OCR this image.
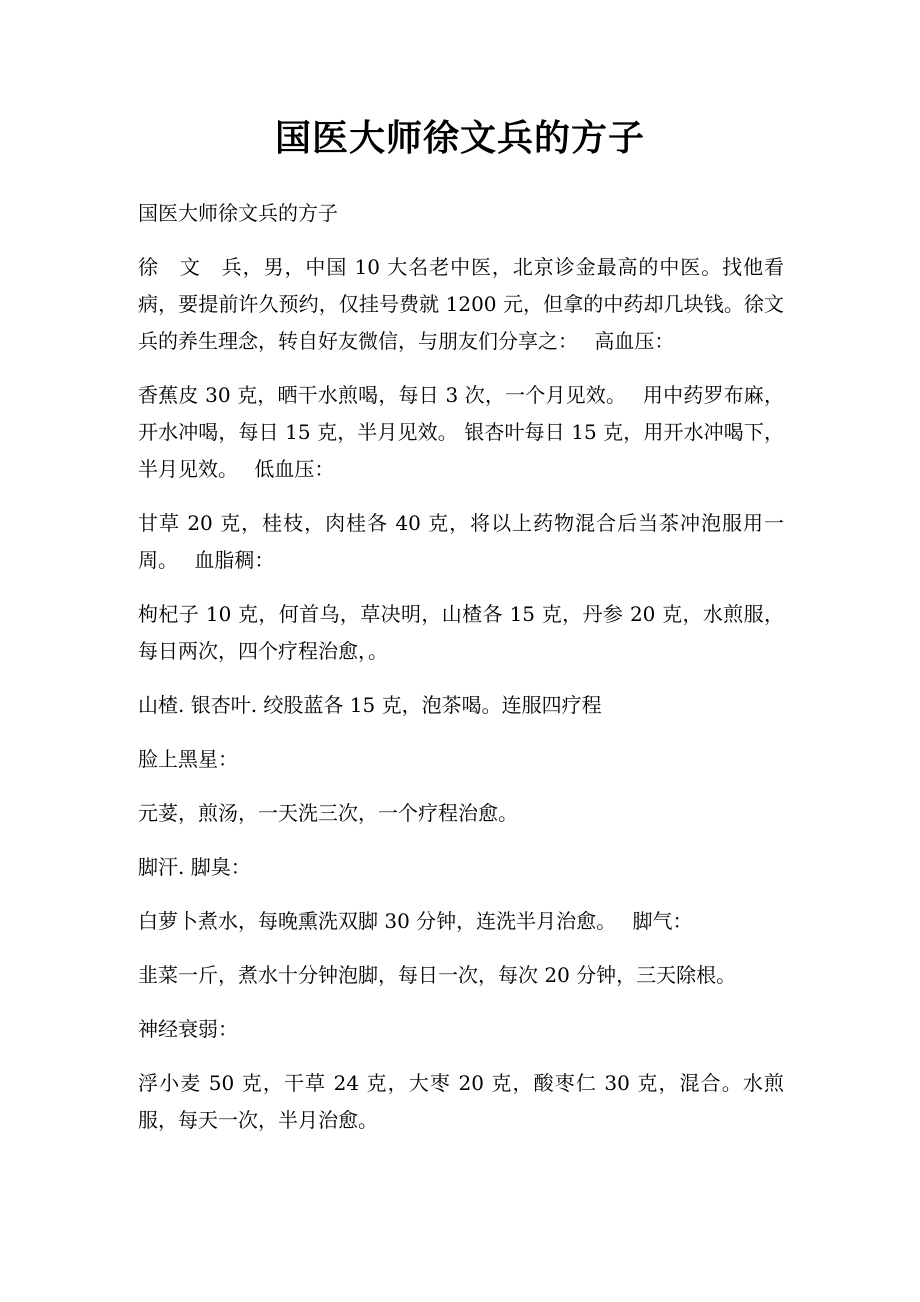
国医大师徐文兵的方子

国医大师徐文兵的方子

徐　文　兵，男，中国 10 大名老中医，北京诊金最高的中医。找他看病，要提前许久预约，仅挂号费就 1200 元，但拿的中药却几块钱。徐文兵的养生理念，转自好友微信，与朋友们分享之：　 高血压：

香蕉皮 30 克，晒干水煎喝，每日 3 次，一个月见效。　 用中药罗布麻，开水冲喝，每日 15 克，半月见效。 银杏叶每日 15 克，用开水冲喝下，半月见效。　 低血压：

甘草 20 克，桂枝，肉桂各 40 克，将以上药物混合后当茶冲泡服用一周。　 血脂稠：

枸杞子 10 克，何首乌，草决明，山楂各 15 克，丹参 20 克，水煎服，每日两次，四个疗程治愈，。

山楂. 银杏叶. 绞股蓝各 15 克，泡茶喝。连服四疗程

脸上黑星：

元荽，煎汤，一天洗三次，一个疗程治愈。

脚汗. 脚臭：

白萝卜煮水，每晚熏洗双脚 30 分钟，连洗半月治愈。　 脚气：

韭菜一斤，煮水十分钟泡脚，每日一次，每次 20 分钟，三天除根。

神经衰弱：

浮小麦 50 克，干草 24 克，大枣 20 克，酸枣仁 30 克，混合。水煎服，每天一次，半月治愈。
